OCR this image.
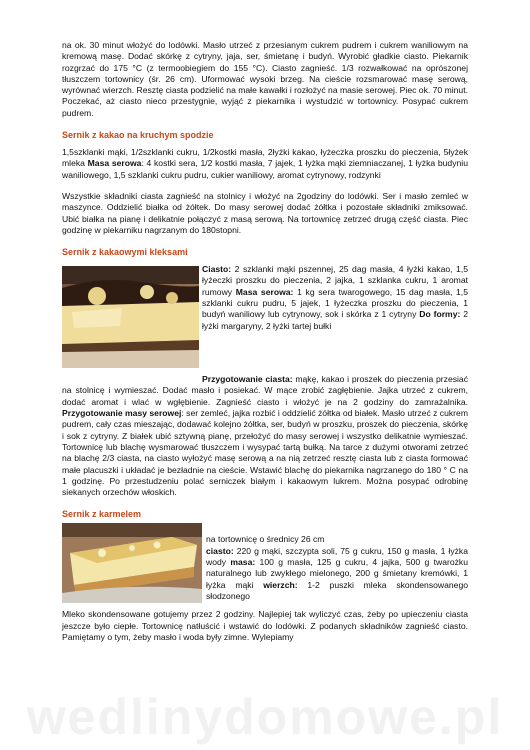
na ok. 30 minut włożyć do lodówki. Masło utrzeć z przesianym cukrem pudrem i cukrem waniliowym na kremową masę. Dodać skórkę z cytryny, jaja, ser, śmietanę i budyń. Wyrobić gładkie ciasto. Piekarnik rozgrzać do 175 °C (z termoobiegiem do 155 °C). Ciasto zagnieść. 1/3 rozwałkować na oprószonej tłuszczem tortownicy (śr. 26 cm). Uformować wysoki brzeg. Na cieście rozsmarować masę serową, wyrównać wierzch. Resztę ciasta podzielić na małe kawałki i rozłożyć na masie serowej. Piec ok. 70 minut. Poczekać, aż ciasto nieco przestygnie, wyjąć z piekarnika i wystudzić w tortownicy. Posypać cukrem pudrem.

Sernik z kakao na kruchym spodzie

1,5szklanki mąki, 1/2szklanki cukru, 1/2kostki masła, 2łyżki kakao, łyżeczka proszku do pieczenia, 5łyżek mleka Masa serowa: 4 kostki sera, 1/2 kostki masła, 7 jajek, 1 łyżka mąki ziemniaczanej, 1 łyżka budyniu waniliowego, 1,5 szklanki cukru pudru, cukier waniliowy, aromat cytrynowy, rodzynki

Wszystkie składniki ciasta zagnieść na stolnicy i włożyć na 2godziny do lodówki. Ser i masło zemleć w maszynce. Oddzielić białka od żółtek. Do masy serowej dodać żółtka i pozostałe składniki zmiksować. Ubić białka na pianę i delikatnie połączyć z masą serową. Na tortownicę zetrzeć drugą część ciasta. Piec godzinę w piekarniku nagrzanym do 180stopni.

Sernik z kakaowymi kleksami

Ciasto: 2 szklanki mąki pszennej, 25 dag masła, 4 łyżki kakao, 1,5 łyżeczki proszku do pieczenia, 2 jajka, 1 szklanka cukru, 1 aromat rumowy Masa serowa: 1 kg sera twarogowego, 15 dag masła, 1,5 szklanki cukru pudru, 5 jajek, 1 łyżeczka proszku do pieczenia, 1 budyń waniliowy lub cytrynowy, sok i skórka z 1 cytryny Do formy: 2 łyżki margaryny, 2 łyżki tartej bułki

Przygotowanie ciasta: mąkę, kakao i proszek do pieczenia przesiać na stolnicę i wymieszać. Dodać masło i posiekać. W mące zrobić zagłębienie. Jajka utrzeć z cukrem, dodać aromat i wlać w wgłębienie. Zagnieść ciasto i włożyć je na 2 godziny do zamrażalnika. Przygotowanie masy serowej: ser zemleć, jajka rozbić i oddzielić żółtka od białek. Masło utrzeć z cukrem pudrem, cały czas mieszając, dodawać kolejno żółtka, ser, budyń w proszku, proszek do pieczenia, skórkę i sok z cytryny. Z białek ubić sztywną pianę, przełożyć do masy serowej i wszystko delikatnie wymieszać. Tortownicę lub blachę wysmarować tłuszczem i wysypać tartą bułką. Na tarce z dużymi otworami zetrzeć na blachę 2/3 ciasta, na ciasto wyłożyć masę serową a na nią zetrzeć resztę ciasta lub z ciasta formować małe placuszki i układać je bezładnie na cieście. Wstawić blachę do piekarnika nagrzanego do 180 ° C na 1 godzinę. Po przestudzeniu polać serniczek białym i kakaowym lukrem. Można posypać odrobinę siekanych orzechów włoskich.

Sernik z karmelem

na tortownicę o średnicy 26 cm

ciasto: 220 g mąki, szczypta soli, 75 g cukru, 150 g masła, 1 łyżka wody masa: 100 g masła, 125 g cukru, 4 jajka, 500 g twarożku naturalnego lub zwykłego mielonego, 200 g śmietany kremówki, 1 łyżka mąki wierzch: 1-2 puszki mleka skondensowanego słodzonego

Mleko skondensowane gotujemy przez 2 godziny. Najlepiej tak wyliczyć czas, żeby po upieczeniu ciasta jeszcze było ciepłe. Tortownicę natłuścić i wstawić do lodówki. Z podanych składników zagnieść ciasto. Pamiętamy o tym, żeby masło i woda były zimne. Wylepiamy

wedlinydomowe.pl
